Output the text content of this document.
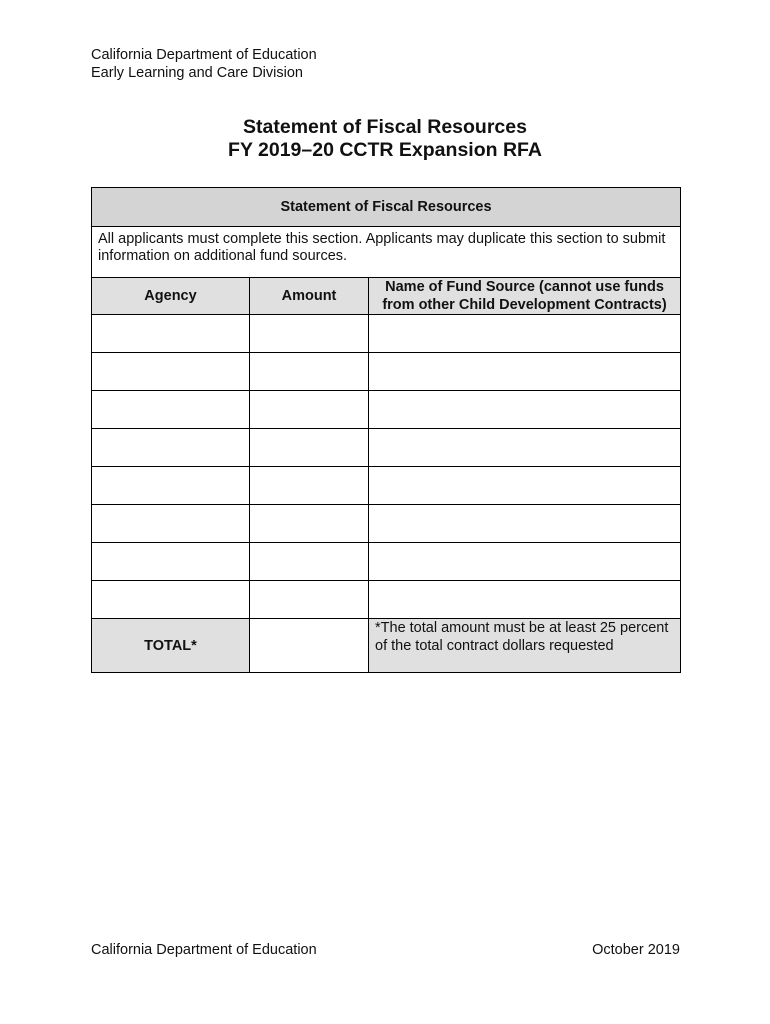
California Department of Education
Early Learning and Care Division
Statement of Fiscal Resources
FY 2019–20 CCTR Expansion RFA
Statement of Fiscal Resources		
All applicants must complete this section. Applicants may duplicate this section to submit information on additional fund sources.		
Agency	Amount	Name of Fund Source (cannot use funds from other Child Development Contracts)

TOTAL*		*The total amount must be at least 25 percent of the total contract dollars requested
California Department of Education	October 2019
